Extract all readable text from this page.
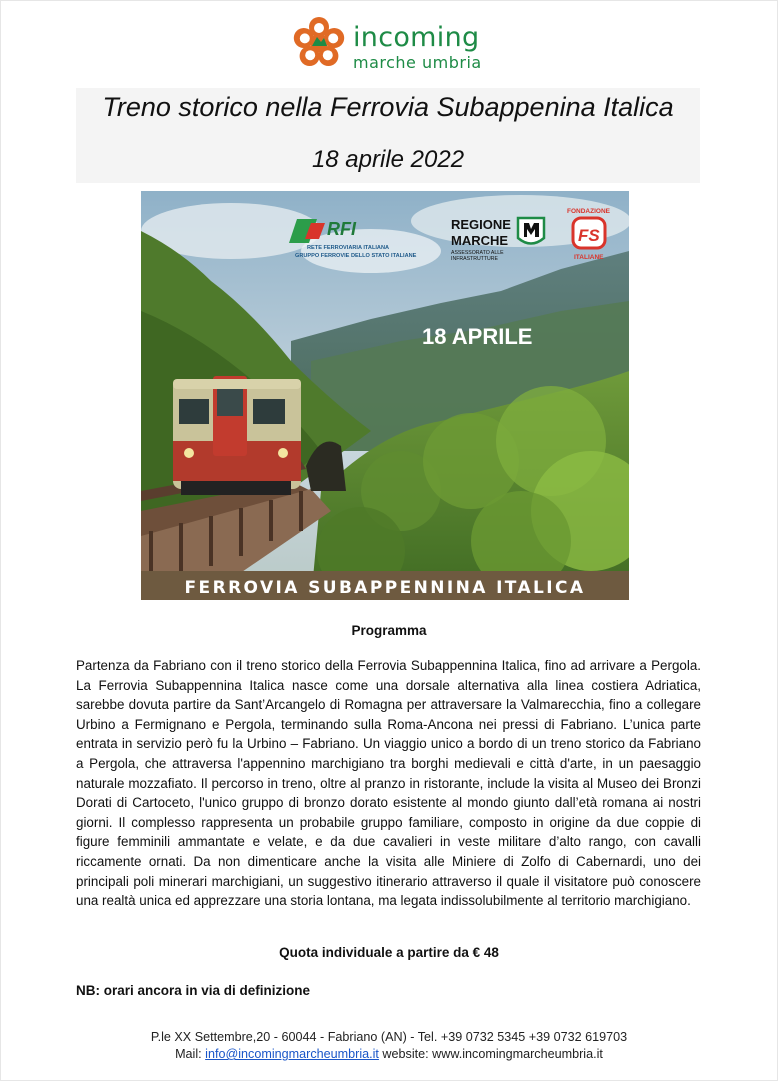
incoming
marche umbria
Treno storico nella Ferrovia Subappenina Italica
18 aprile 2022
RFI
RETE FERROVIARIA ITALIANA
GRUPPO FERROVIE DELLO STATO ITALIANE
REGIONE
MARCHE
ASSESSORATO ALLE
INFRASTRUTTURE
FONDAZIONE
FS
ITALIANE
18 APRILE
FERROVIA SUBAPPENNINA ITALICA
Programma
Partenza da Fabriano con il treno storico della Ferrovia Subappennina Italica, fino ad arrivare a Pergola. La Ferrovia Subappennina Italica nasce come una dorsale alternativa alla linea costiera Adriatica, sarebbe dovuta partire da Sant’Arcangelo di Romagna per attraversare la Valmarecchia, fino a collegare Urbino a Fermignano e Pergola, terminando sulla Roma-Ancona nei pressi di Fabriano. L’unica parte entrata in servizio però fu la Urbino – Fabriano. Un viaggio unico a bordo di un treno storico da Fabriano a Pergola, che attraversa l'appennino marchigiano tra borghi medievali e città d'arte, in un paesaggio naturale mozzafiato. Il percorso in treno, oltre al pranzo in ristorante, include la visita al Museo dei Bronzi Dorati di Cartoceto, l'unico gruppo di bronzo dorato esistente al mondo giunto dall’età romana ai nostri giorni. Il complesso rappresenta un probabile gruppo familiare, composto in origine da due coppie di figure femminili ammantate e velate, e da due cavalieri in veste militare d’alto rango, con cavalli riccamente ornati. Da non dimenticare anche la visita alle Miniere di Zolfo di Cabernardi, uno dei principali poli minerari marchigiani, un suggestivo itinerario attraverso il quale il visitatore può conoscere una realtà unica ed apprezzare una storia lontana, ma legata indissolubilmente al territorio marchigiano.
Quota individuale a partire da € 48
NB: orari ancora in via di definizione
P.le XX Settembre,20 - 60044 - Fabriano (AN) - Tel. +39 0732 5345 +39 0732 619703
Mail: info@incomingmarcheumbria.it website: www.incomingmarcheumbria.it
